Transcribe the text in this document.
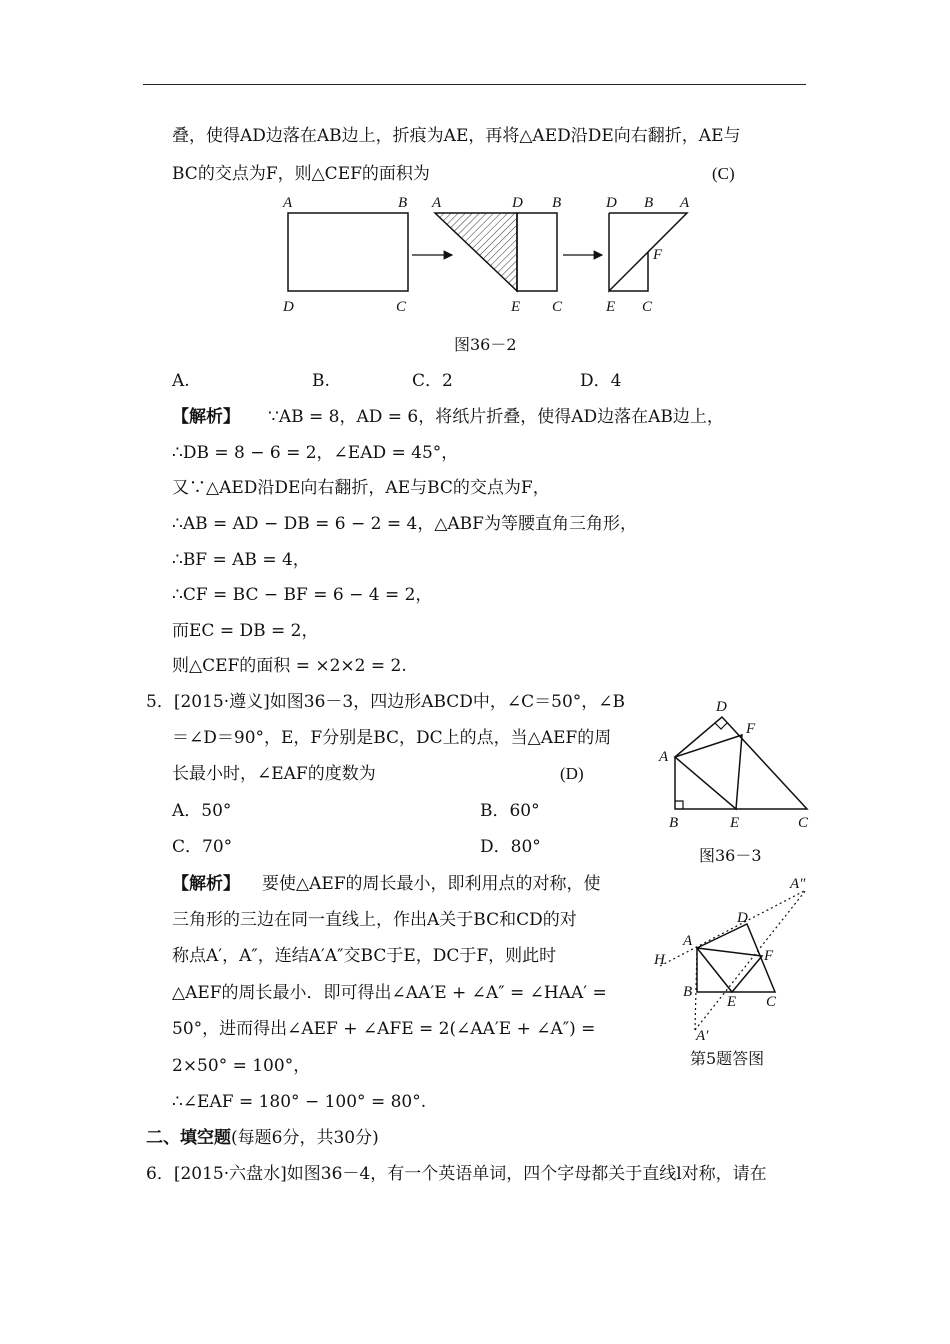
叠，使得AD边落在AB边上，折痕为AE，再将△AED沿DE向右翻折，AE与
BC的交点为F，则△CEF的面积为	(C)
A	B
D	C
A	D B
E C
D B A
F
E C
图36－2
A.	B.	C．2	D．4
【解析】 ∵AB = 8，AD = 6，将纸片折叠，使得AD边落在AB边上，
∴DB = 8 − 6 = 2，∠EAD = 45°，
又∵△AED沿DE向右翻折，AE与BC的交点为F，
∴AB = AD − DB = 6 − 2 = 4，△ABF为等腰直角三角形，
∴BF = AB = 4，
∴CF = BC − BF = 6 − 4 = 2，
而EC = DB = 2，
则△CEF的面积 = ×2×2 = 2.
5．[2015·遵义]如图36－3，四边形ABCD中，∠C＝50°，∠B
＝∠D＝90°，E，F分别是BC，DC上的点，当△AEF的周
长最小时，∠EAF的度数为	(D)
A．50°	B．60°
C．70°	D．80°
D
F
A
B	E	C
图36－3
【解析】 要使△AEF的周长最小，即利用点的对称，使
三角形的三边在同一直线上，作出A关于BC和CD的对
称点A′，A″，连结A′A″交BC于E，DC于F，则此时
△AEF的周长最小．即可得出∠AA′E + ∠A″ = ∠HAA′ =
50°，进而得出∠AEF + ∠AFE = 2(∠AA′E + ∠A″) =
2×50° = 100°，
∴∠EAF = 180° − 100° = 80°.
A″
D
A
H	F
B
E C
A′
第5题答图
二、填空题(每题6分，共30分)
6．[2015·六盘水]如图36－4，有一个英语单词，四个字母都关于直线l对称，请在
